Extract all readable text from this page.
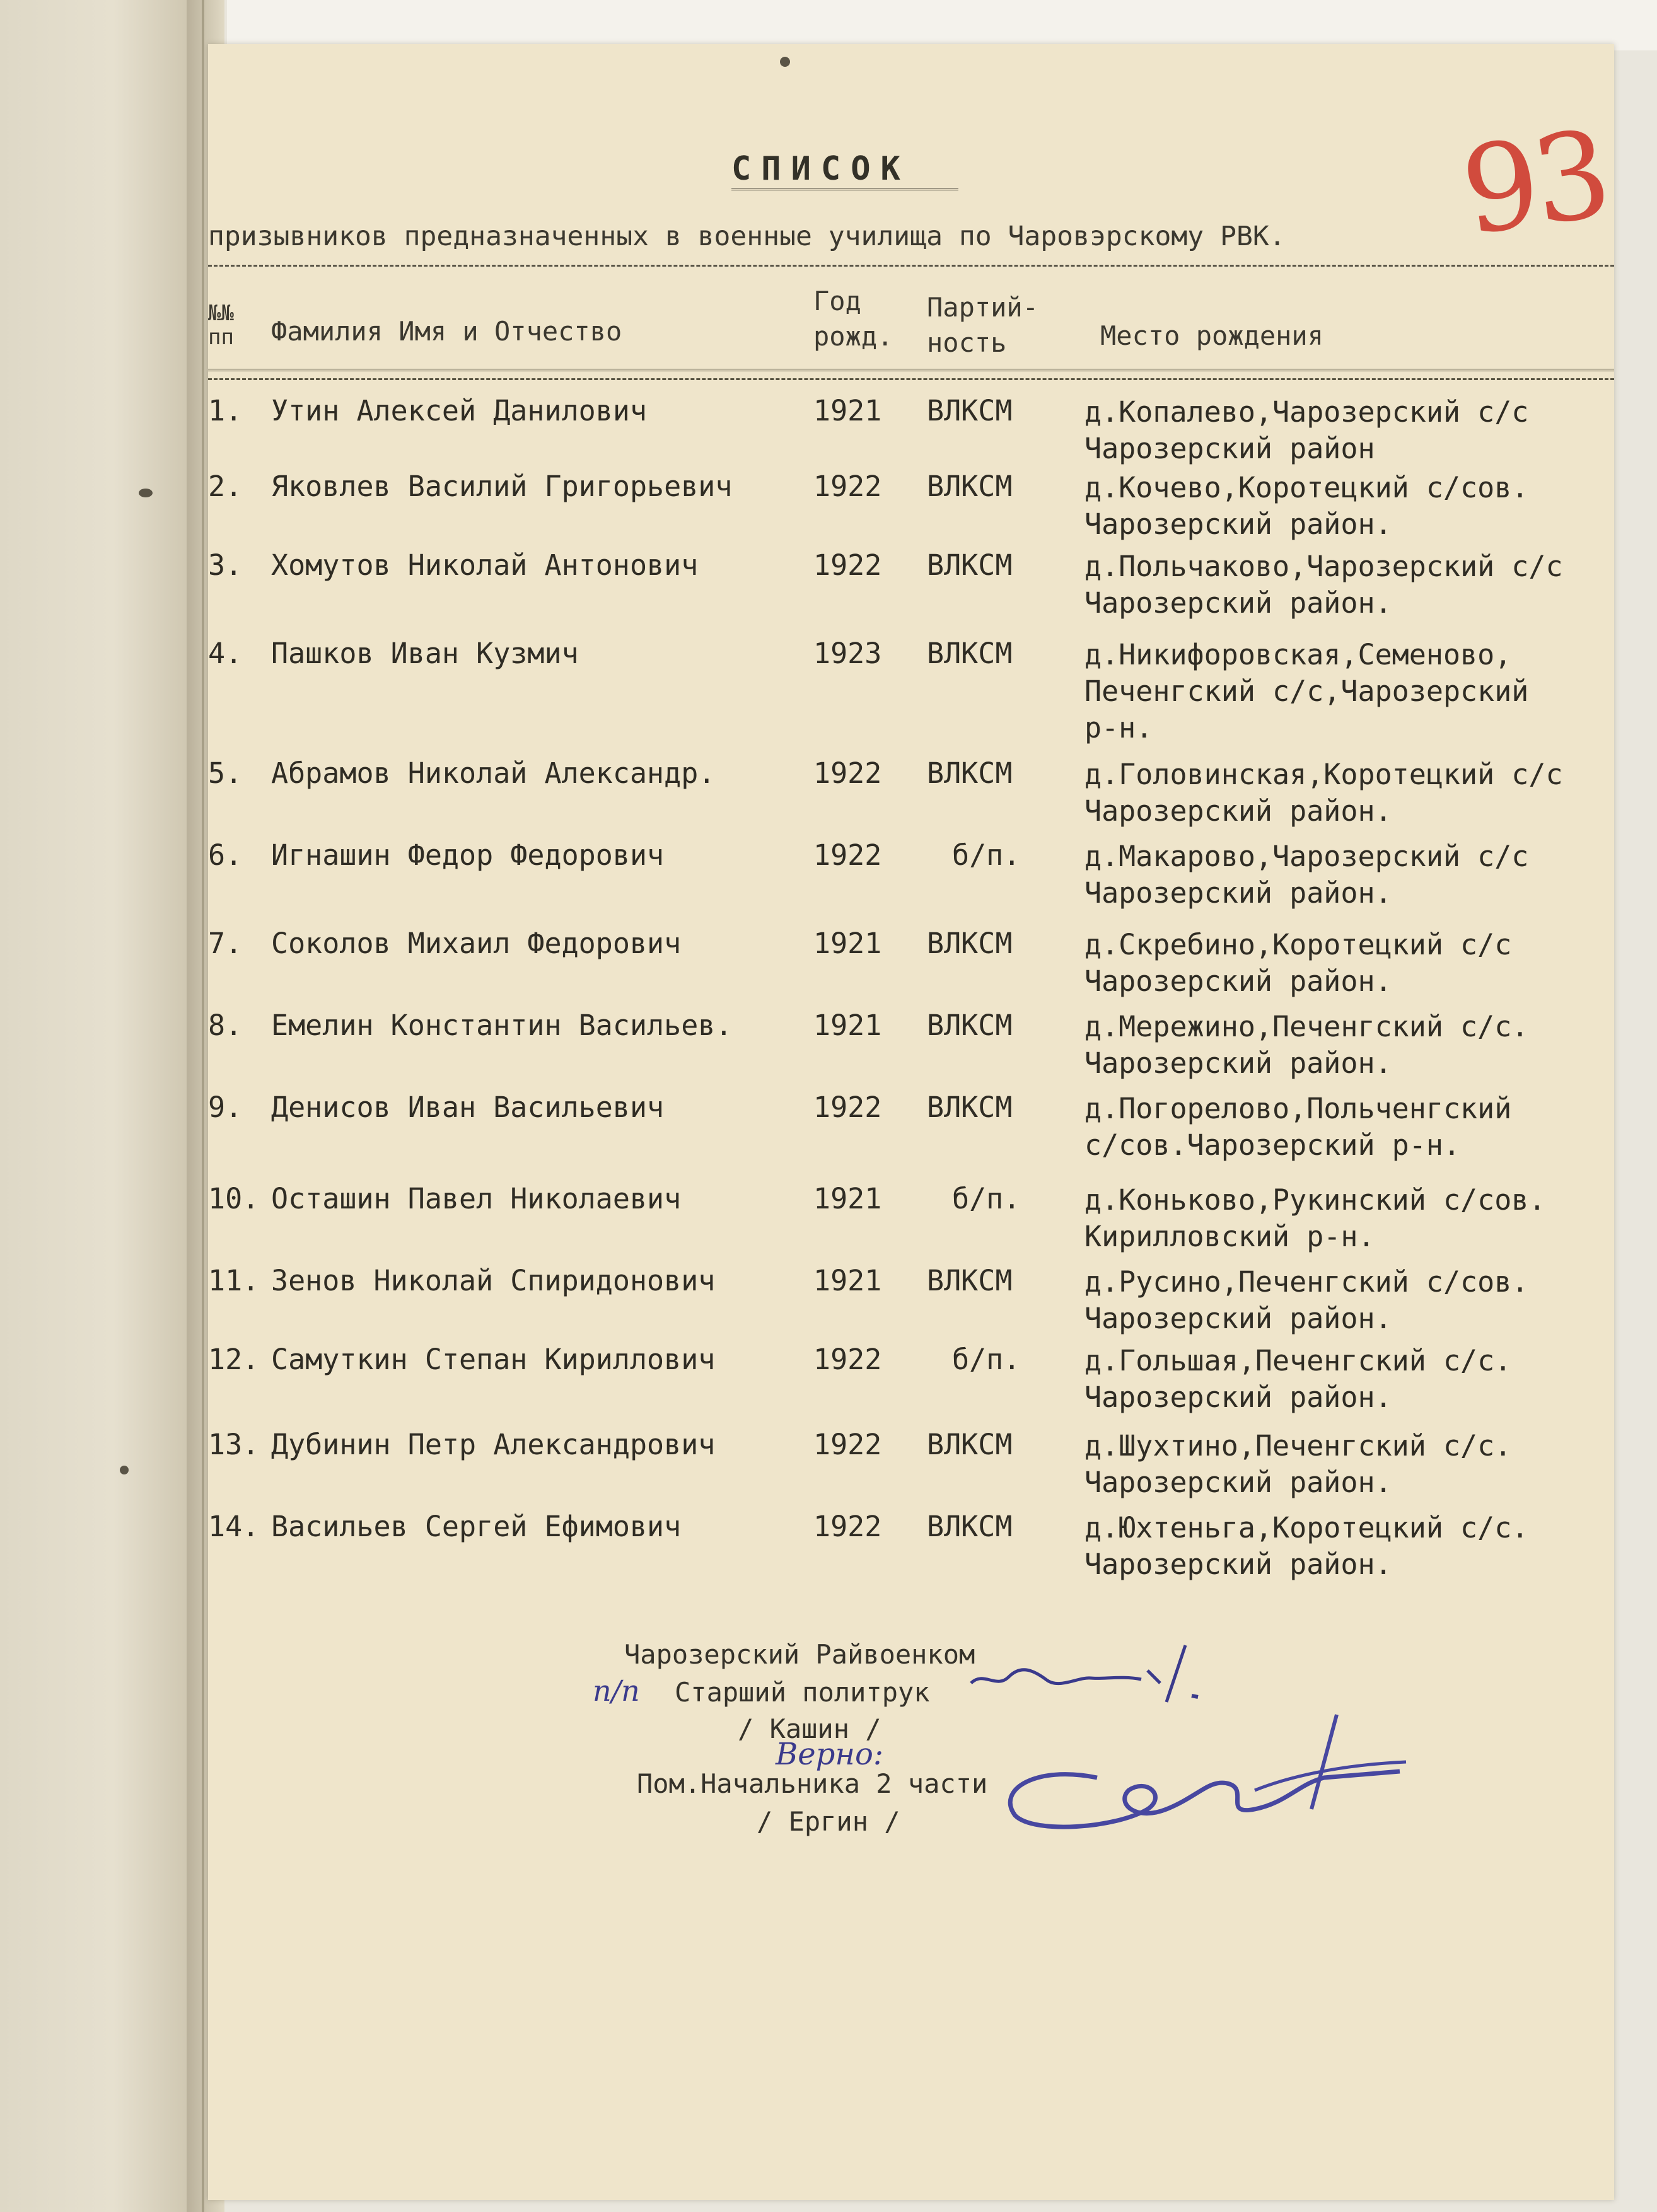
93
СПИСОК
призывников предназначенных в военные училища по Чаровэрскому РВК.
№№
пп Фамилия Имя и Отчество
Год
рожд.
Партий-
ность	Место рождения
1. Утин Алексей Данилович	1921 ВЛКСМ	д.Копалево,Чарозерский с/с
Чарозерский район
2. Яковлев Василий Григорьевич	1922 ВЛКСМ	д.Кочево,Коротецкий с/сов.
Чарозерский район.
3. Хомутов Николай Антонович	1922 ВЛКСМ	д.Польчаково,Чарозерский с/с
Чарозерский район.
4. Пашков Иван Кузмич	1923 ВЛКСМ	д.Никифоровская,Семеново,
Печенгский с/с,Чарозерский
р-н.
5. Абрамов Николай Александр.	1922 ВЛКСМ	д.Головинская,Коротецкий с/с
Чарозерский район.
6. Игнашин Федор Федорович	1922 б/п. д.Макарово,Чарозерский с/с
Чарозерский район.
7. Соколов Михаил Федорович	1921 ВЛКСМ	д.Скребино,Коротецкий с/с
Чарозерский район.
8. Емелин Константин Васильев.	1921 ВЛКСМ	д.Мережино,Печенгский с/с.
Чарозерский район.
9. Денисов Иван Васильевич	1922 ВЛКСМ	д.Погорелово,Польченгский
с/сов.Чарозерский р-н.
10. Осташин Павел Николаевич	1921 б/п. д.Коньково,Рукинский с/сов.
Кирилловский р-н.
11. Зенов Николай Спиридонович	1921 ВЛКСМ	д.Русино,Печенгский с/сов.
Чарозерский район.
12. Самуткин Степан Кириллович	1922 б/п. д.Гольшая,Печенгский с/с.
Чарозерский район.
13. Дубинин Петр Александрович	1922 ВЛКСМ	д.Шухтино,Печенгский с/с.
Чарозерский район.
14. Васильев Сергей Ефимович	1922 ВЛКСМ	д.Юхтеньга,Коротецкий с/с.
Чарозерский район.
Чарозерский Райвоенком
п/п Старший политрук
/ Кашин /
Верно:
Пом.Начальника 2 части
/ Ергин /
